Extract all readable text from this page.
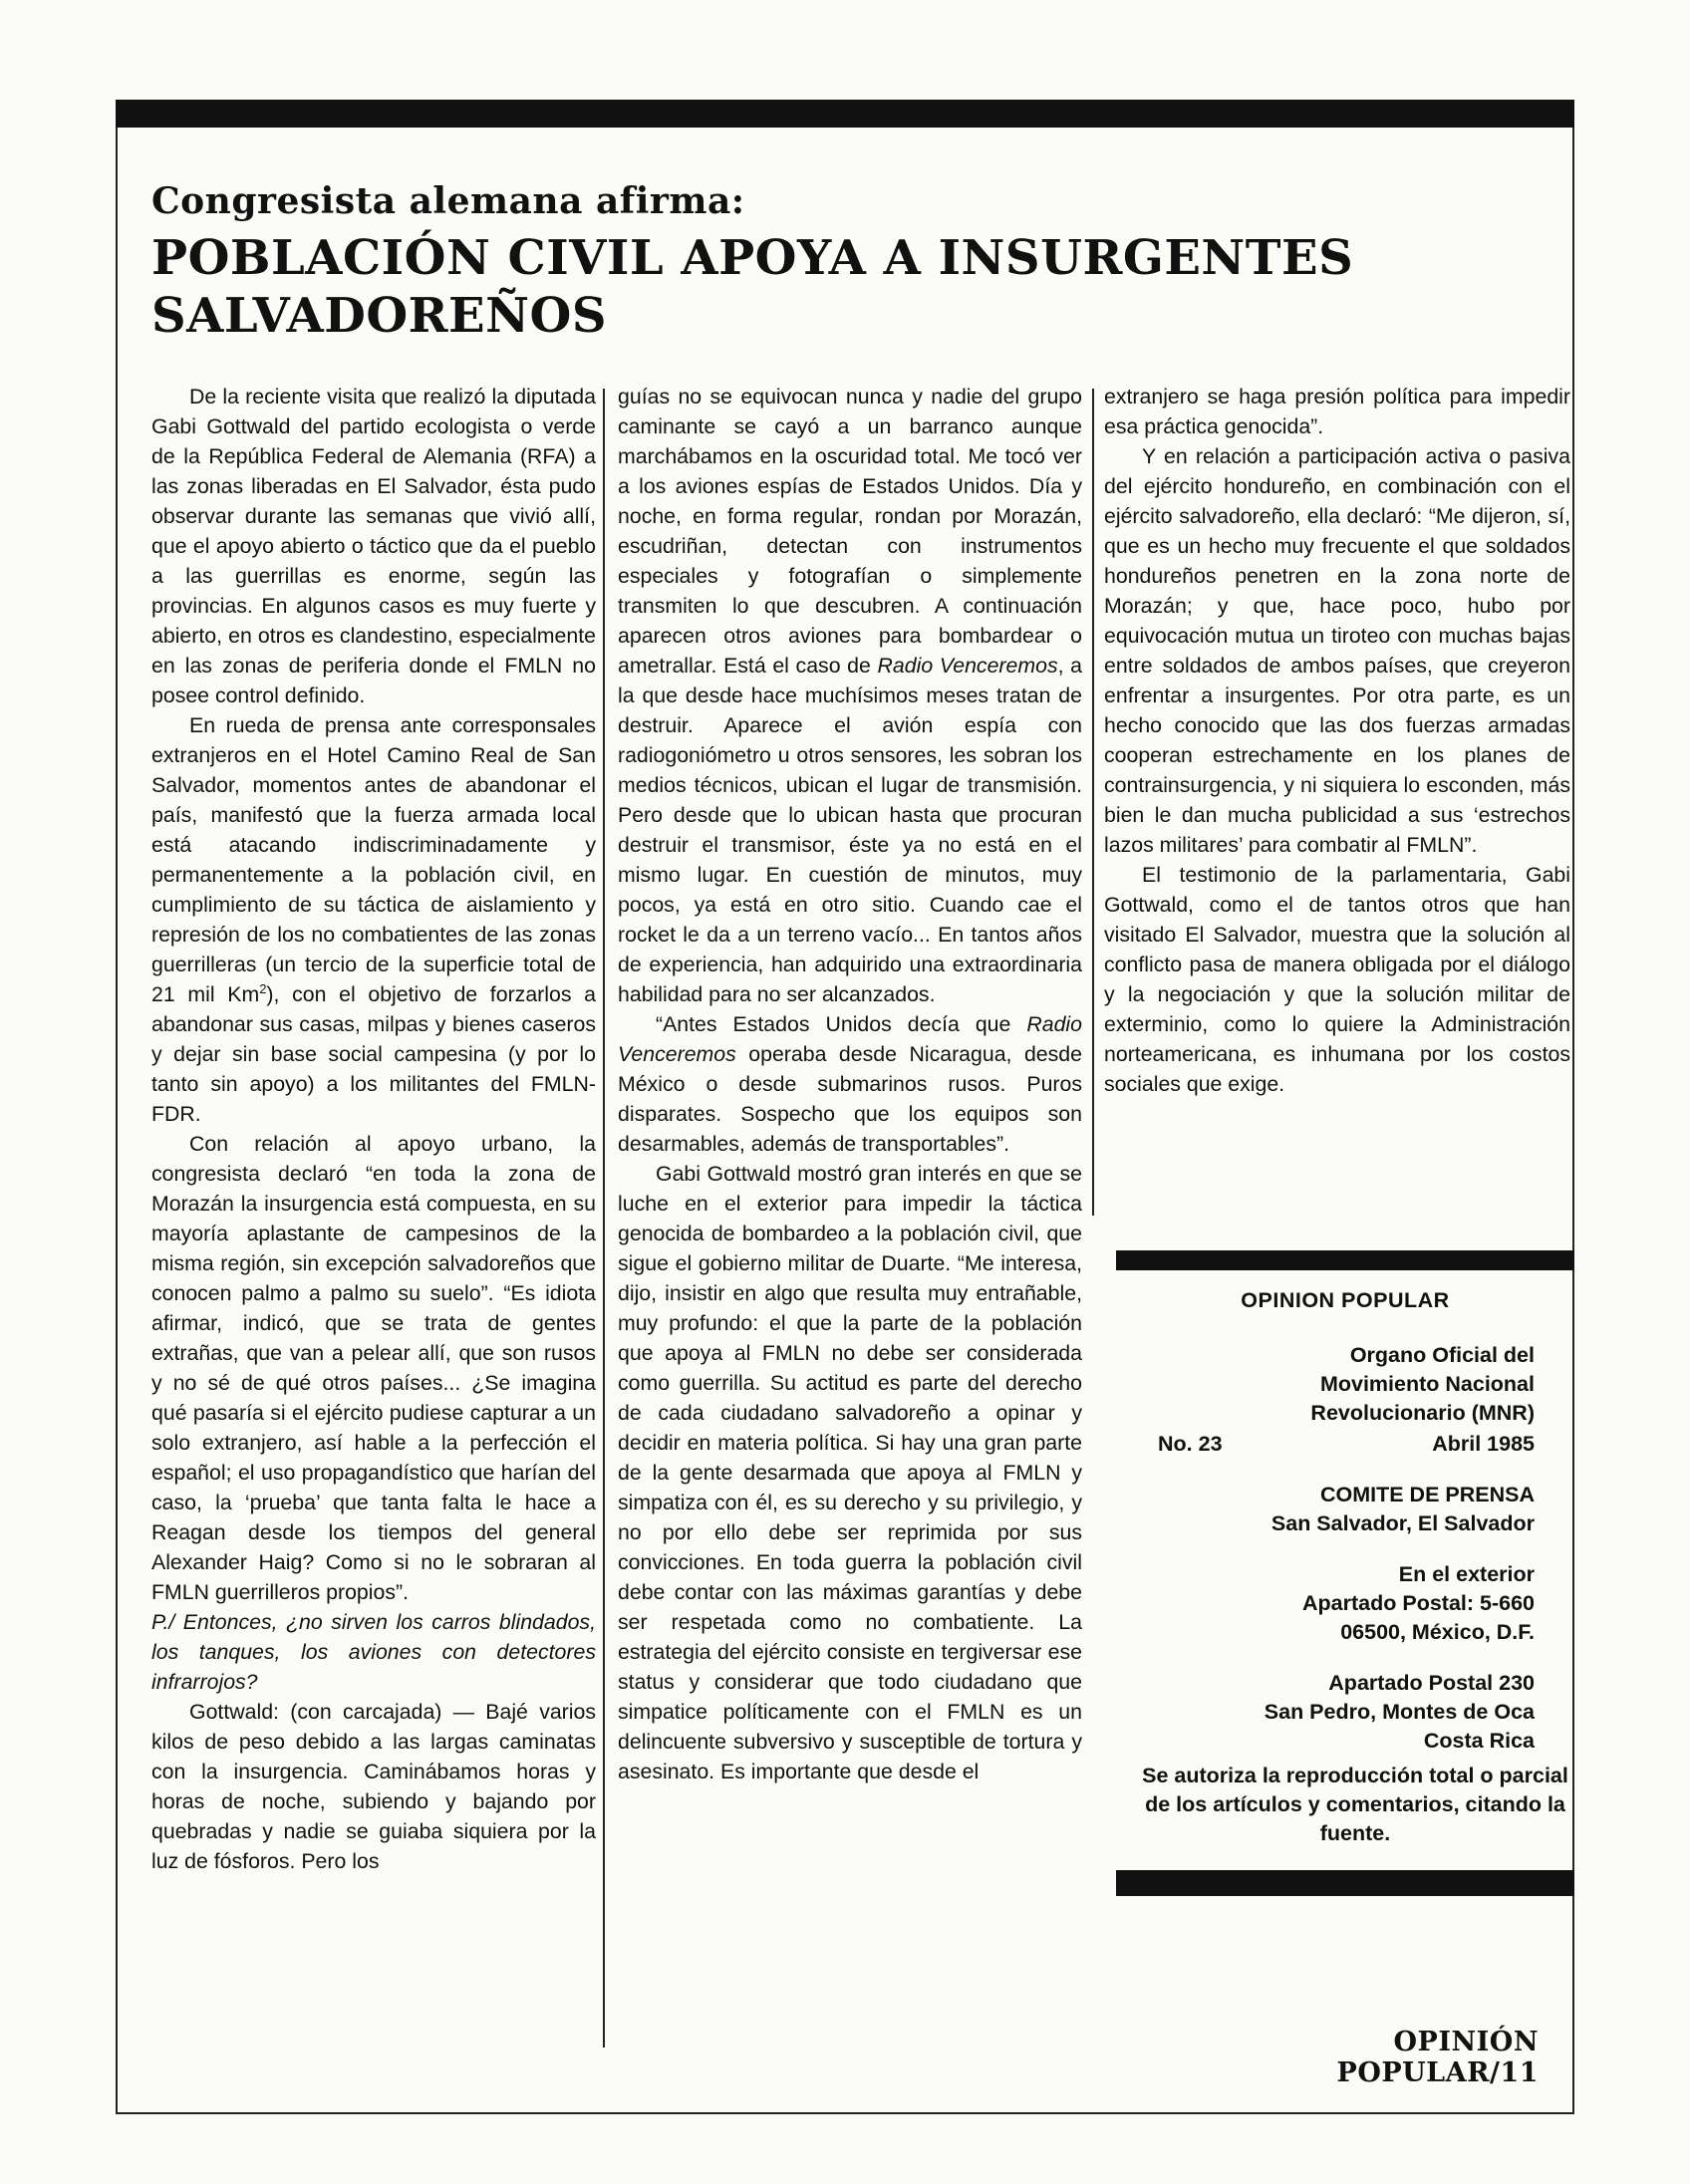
Congresista alemana afirma:
POBLACIÓN CIVIL APOYA A INSURGENTES SALVADOREÑOS

De la reciente visita que realizó la diputada Gabi Gottwald del partido ecologista o verde de la República Federal de Alemania (RFA) a las zonas liberadas en El Salvador, ésta pudo observar durante las semanas que vivió allí, que el apoyo abierto o táctico que da el pueblo a las guerrillas es enorme, según las provincias. En algunos casos es muy fuerte y abierto, en otros es clandestino, especialmente en las zonas de periferia donde el FMLN no posee control definido.

En rueda de prensa ante corresponsales extranjeros en el Hotel Camino Real de San Salvador, momentos antes de abandonar el país, manifestó que la fuerza armada local está atacando indiscriminadamente y permanentemente a la población civil, en cumplimiento de su táctica de aislamiento y represión de los no combatientes de las zonas guerrilleras (un tercio de la superficie total de 21 mil Km$^2$), con el objetivo de forzarlos a abandonar sus casas, milpas y bienes caseros y dejar sin base social campesina (y por lo tanto sin apoyo) a los militantes del FMLN-FDR.

Con relación al apoyo urbano, la congresista declaró “en toda la zona de Morazán la insurgencia está compuesta, en su mayoría aplastante de campesinos de la misma región, sin excepción salvadoreños que conocen palmo a palmo su suelo”. “Es idiota afirmar, indicó, que se trata de gentes extrañas, que van a pelear allí, que son rusos y no sé de qué otros países... ¿Se imagina qué pasaría si el ejército pudiese capturar a un solo extranjero, así hable a la perfección el español; el uso propagandístico que harían del caso, la ‘prueba’ que tanta falta le hace a Reagan desde los tiempos del general Alexander Haig? Como si no le sobraran al FMLN guerrilleros propios”.

P./ Entonces, ¿no sirven los carros blindados, los tanques, los aviones con detectores infrarrojos?

Gottwald: (con carcajada) — Bajé varios kilos de peso debido a las largas caminatas con la insurgencia. Caminábamos horas y horas de noche, subiendo y bajando por quebradas y nadie se guiaba siquiera por la luz de fósforos. Pero los

guías no se equivocan nunca y nadie del grupo caminante se cayó a un barranco aunque marchábamos en la oscuridad total. Me tocó ver a los aviones espías de Estados Unidos. Día y noche, en forma regular, rondan por Morazán, escudriñan, detectan con instrumentos especiales y fotografían o simplemente transmiten lo que descubren. A continuación aparecen otros aviones para bombardear o ametrallar. Está el caso de Radio Venceremos, a la que desde hace muchísimos meses tratan de destruir. Aparece el avión espía con radiogoniómetro u otros sensores, les sobran los medios técnicos, ubican el lugar de transmisión. Pero desde que lo ubican hasta que procuran destruir el transmisor, éste ya no está en el mismo lugar. En cuestión de minutos, muy pocos, ya está en otro sitio. Cuando cae el rocket le da a un terreno vacío... En tantos años de experiencia, han adquirido una extraordinaria habilidad para no ser alcanzados.

“Antes Estados Unidos decía que Radio Venceremos operaba desde Nicaragua, desde México o desde submarinos rusos. Puros disparates. Sospecho que los equipos son desarmables, además de transportables”.

Gabi Gottwald mostró gran interés en que se luche en el exterior para impedir la táctica genocida de bombardeo a la población civil, que sigue el gobierno militar de Duarte. “Me interesa, dijo, insistir en algo que resulta muy entrañable, muy profundo: el que la parte de la población que apoya al FMLN no debe ser considerada como guerrilla. Su actitud es parte del derecho de cada ciudadano salvadoreño a opinar y decidir en materia política. Si hay una gran parte de la gente desarmada que apoya al FMLN y simpatiza con él, es su derecho y su privilegio, y no por ello debe ser reprimida por sus convicciones. En toda guerra la población civil debe contar con las máximas garantías y debe ser respetada como no combatiente. La estrategia del ejército consiste en tergiversar ese status y considerar que todo ciudadano que simpatice políticamente con el FMLN es un delincuente subversivo y susceptible de tortura y asesinato. Es importante que desde el

extranjero se haga presión política para impedir esa práctica genocida”.

Y en relación a participación activa o pasiva del ejército hondureño, en combinación con el ejército salvadoreño, ella declaró: “Me dijeron, sí, que es un hecho muy frecuente el que soldados hondureños penetren en la zona norte de Morazán; y que, hace poco, hubo por equivocación mutua un tiroteo con muchas bajas entre soldados de ambos países, que creyeron enfrentar a insurgentes. Por otra parte, es un hecho conocido que las dos fuerzas armadas cooperan estrechamente en los planes de contrainsurgencia, y ni siquiera lo esconden, más bien le dan mucha publicidad a sus ‘estrechos lazos militares’ para combatir al FMLN”.

El testimonio de la parlamentaria, Gabi Gottwald, como el de tantos otros que han visitado El Salvador, muestra que la solución al conflicto pasa de manera obligada por el diálogo y la negociación y que la solución militar de exterminio, como lo quiere la Administración norteamericana, es inhumana por los costos sociales que exige.

OPINION POPULAR
Organo Oficial del
Movimiento Nacional
Revolucionario (MNR)
No. 23	Abril 1985
COMITE DE PRENSA
San Salvador, El Salvador
En el exterior
Apartado Postal: 5-660
06500, México, D.F.
Apartado Postal 230
San Pedro, Montes de Oca
Costa Rica
Se autoriza la reproducción total o parcial de los artículos y comentarios, citando la fuente.
OPINIÓN POPULAR/11
